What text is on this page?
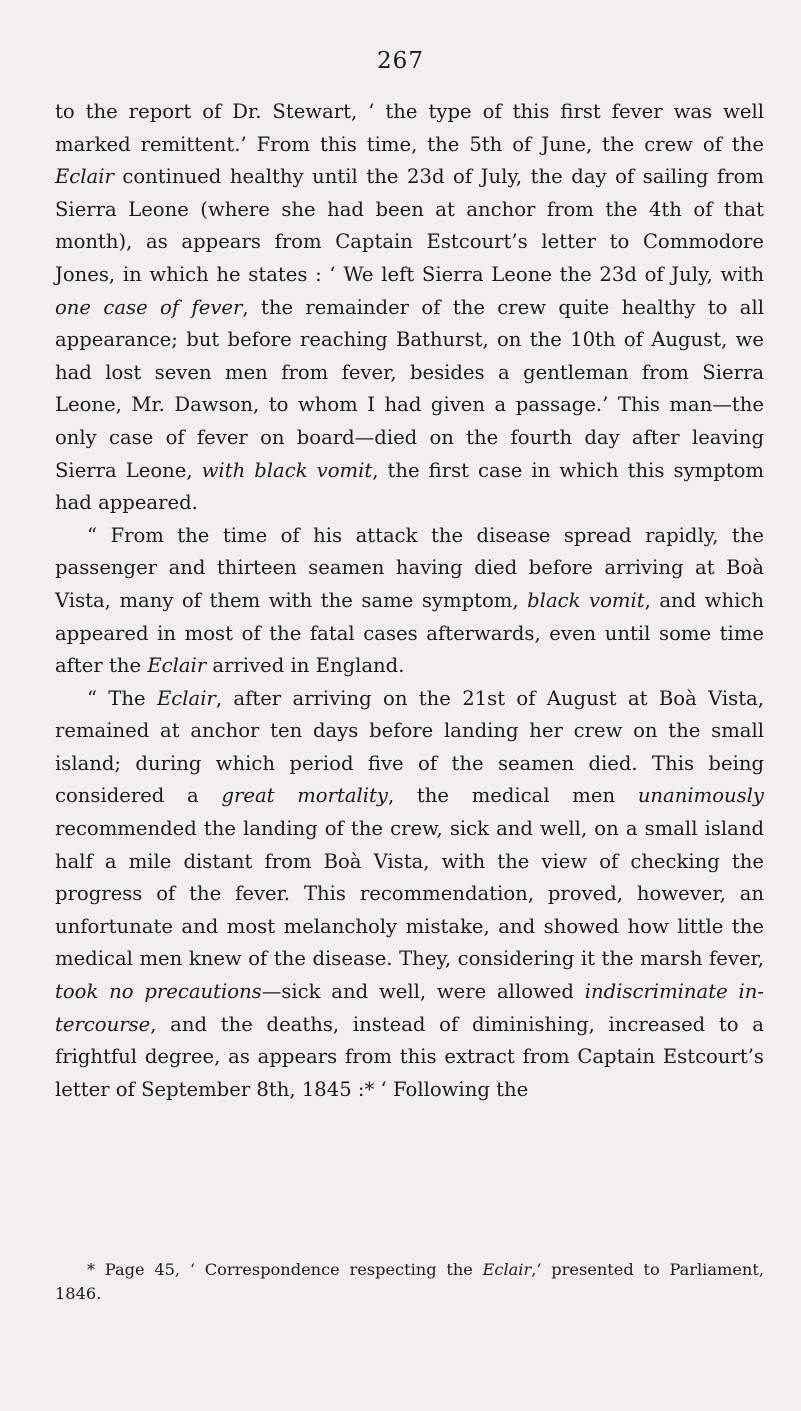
267

to the report of Dr. Stewart, ‘ the type of this first fever was well marked remittent.’ From this time, the 5th of June, the crew of the Eclair continued healthy until the 23d of July, the day of sailing from Sierra Leone (where she had been at anchor from the 4th of that month), as appears from Captain Estcourt’s letter to Commodore Jones, in which he states : ‘ We left Sierra Leone the 23d of July, with one case of fever, the remainder of the crew quite healthy to all appearance; but before reaching Bathurst, on the 10th of August, we had lost seven men from fever, besides a gentleman from Sierra Leone, Mr. Dawson, to whom I had given a passage.’ This man—the only case of fever on board—died on the fourth day after leaving Sierra Leone, with black vomit, the first case in which this symptom had appeared.

“ From the time of his attack the disease spread rapidly, the passenger and thirteen seamen having died before arriving at Boà Vista, many of them with the same symptom, black vomit, and which appeared in most of the fatal cases afterwards, even until some time after the Eclair arrived in England.

“ The Eclair, after arriving on the 21st of August at Boà Vista, remained at anchor ten days before landing her crew on the small island; during which period five of the seamen died. This being considered a great mortality, the medical men unanimously recommended the landing of the crew, sick and well, on a small island half a mile distant from Boà Vista, with the view of checking the progress of the fever. This recommendation, proved, however, an unfortunate and most melancholy mistake, and showed how little the medical men knew of the disease. They, considering it the marsh fever, took no precautions—sick and well, were allowed indiscriminate in-tercourse, and the deaths, instead of diminishing, increased to a frightful degree, as appears from this extract from Captain Estcourt’s letter of September 8th, 1845 :* ‘ Following the

* Page 45, ‘ Correspondence respecting the Eclair,’ presented to Parliament, 1846.
